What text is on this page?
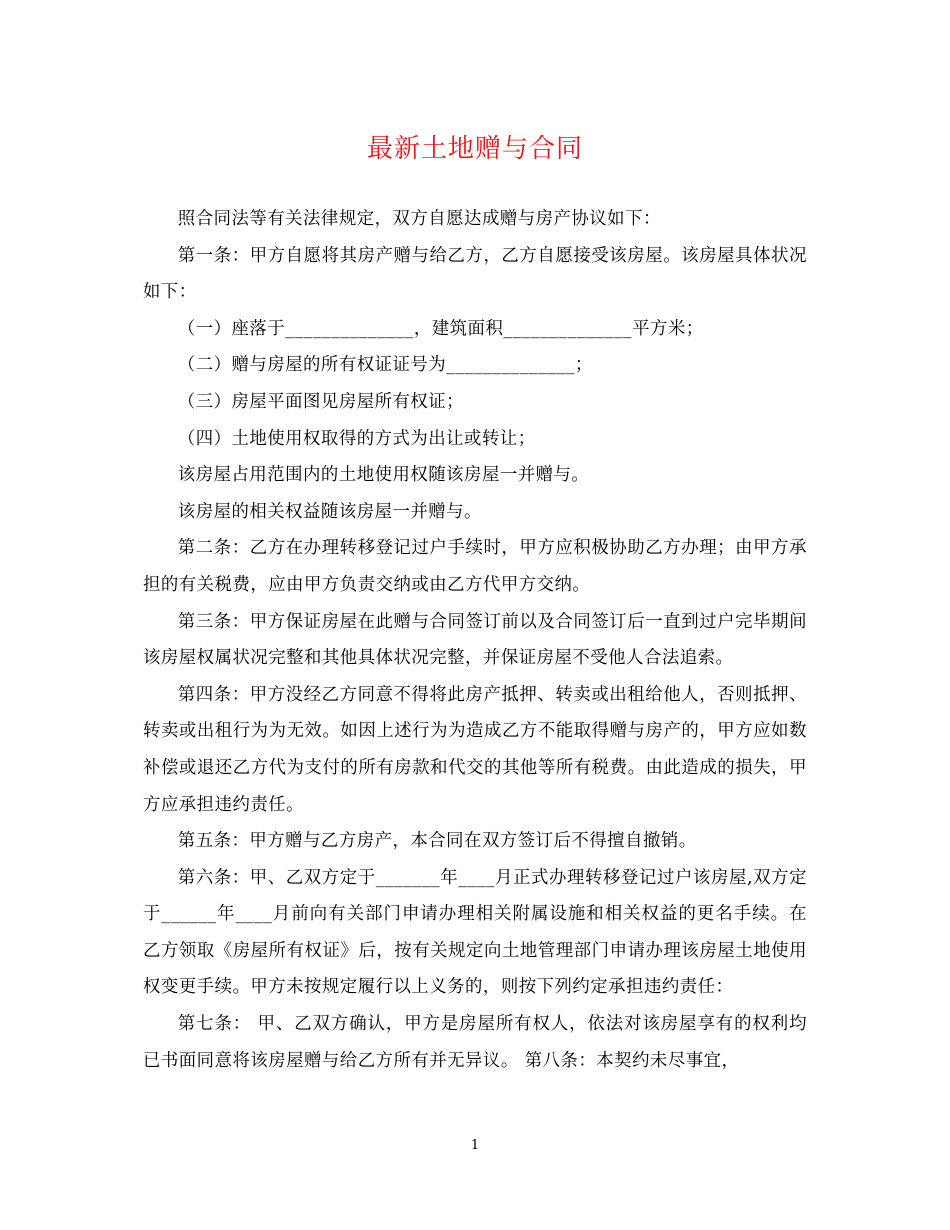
最新土地赠与合同

照合同法等有关法律规定，双方自愿达成赠与房产协议如下：

第一条：甲方自愿将其房产赠与给乙方，乙方自愿接受该房屋。该房屋具体状况如下：

（一）座落于______________，建筑面积______________平方米；

（二）赠与房屋的所有权证证号为______________；

（三）房屋平面图见房屋所有权证；

（四）土地使用权取得的方式为出让或转让；

该房屋占用范围内的土地使用权随该房屋一并赠与。

该房屋的相关权益随该房屋一并赠与。

第二条：乙方在办理转移登记过户手续时，甲方应积极协助乙方办理；由甲方承担的有关税费，应由甲方负责交纳或由乙方代甲方交纳。

第三条：甲方保证房屋在此赠与合同签订前以及合同签订后一直到过户完毕期间该房屋权属状况完整和其他具体状况完整，并保证房屋不受他人合法追索。

第四条：甲方没经乙方同意不得将此房产抵押、转卖或出租给他人，否则抵押、转卖或出租行为为无效。如因上述行为为造成乙方不能取得赠与房产的，甲方应如数补偿或退还乙方代为支付的所有房款和代交的其他等所有税费。由此造成的损失，甲方应承担违约责任。

第五条：甲方赠与乙方房产，本合同在双方签订后不得擅自撤销。

第六条：甲、乙双方定于_______年____月正式办理转移登记过户该房屋,双方定于______年____月前向有关部门申请办理相关附属设施和相关权益的更名手续。在乙方领取《房屋所有权证》后，按有关规定向土地管理部门申请办理该房屋土地使用权变更手续。甲方未按规定履行以上义务的，则按下列约定承担违约责任：

第七条： 甲、乙双方确认，甲方是房屋所有权人，依法对该房屋享有的权利均已书面同意将该房屋赠与给乙方所有并无异议。 第八条：本契约未尽事宜，

1
